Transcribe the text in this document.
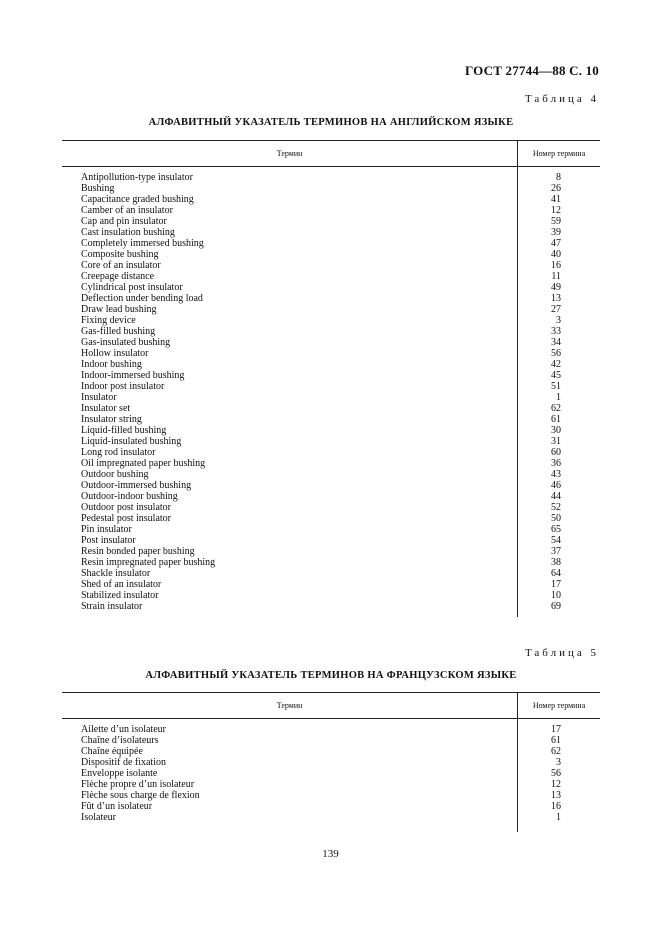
ГОСТ 27744—88 С. 10
Таблица 4
АЛФАВИТНЫЙ УКАЗАТЕЛЬ ТЕРМИНОВ НА АНГЛИЙСКОМ ЯЗЫКЕ
Термин	Номер термина
Antipollution-type insulator
Bushing
Capacitance graded bushing
Camber of an insulator
Cap and pin insulator
Cast insulation bushing
Completely immersed bushing
Composite bushing
Core of an insulator
Creepage distance
Cylindrical post insulator
Deflection under bending load
Draw lead bushing
Fixing device
Gas-filled bushing
Gas-insulated bushing
Hollow insulator
Indoor bushing
Indoor-immersed bushing
Indoor post insulator
Insulator
Insulator set
Insulator string
Liquid-filled bushing
Liquid-insulated bushing
Long rod insulator
Oil impregnated paper bushing
Outdoor bushing
Outdoor-immersed bushing
Outdoor-indoor bushing
Outdoor post insulator
Pedestal post insulator
Pin insulator
Post insulator
Resin bonded paper bushing
Resin impregnated paper bushing
Shackle insulator
Shed of an insulator
Stabilized insulator
Strain insulator
8
26
41
12
59
39
47
40
16
11
49
13
27
3
33
34
56
42
45
51
1
62
61
30
31
60
36
43
46
44
52
50
65
54
37
38
64
17
10
69
Таблица 5
АЛФАВИТНЫЙ УКАЗАТЕЛЬ ТЕРМИНОВ НА ФРАНЦУЗСКОМ ЯЗЫКЕ
Термин	Номер термина
Ailette d’un isolateur
Chaîne d’isolateurs
Chaîne équipée
Dispositif de fixation
Enveloppe isolante
Flèche propre d’un isolateur
Flèche sous charge de flexion
Fût d’un isolateur
Isolateur
17
61
62
3
56
12
13
16
1
139
